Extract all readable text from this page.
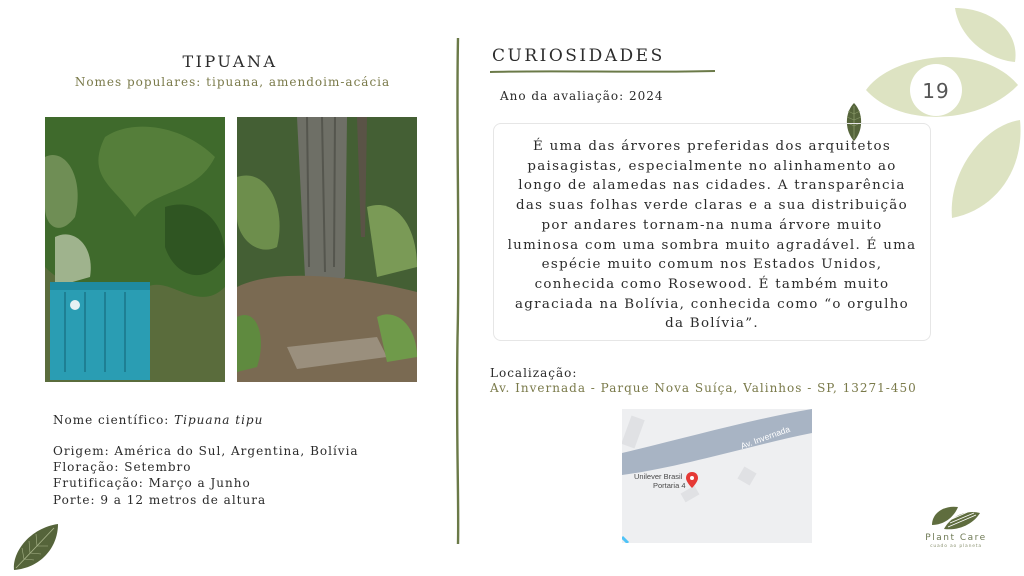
19
TIPUANA
Nomes populares: tipuana, amendoim-acácia
Nome científico: Tipuana tipu
Origem: América do Sul, Argentina, Bolívia
Floração: Setembro
Frutificação: Março a Junho
Porte: 9 a 12 metros de altura
CURIOSIDADES
Ano da avaliação: 2024
É uma das árvores preferidas dos arquitetos paisagistas, especialmente no alinhamento ao longo de alamedas nas cidades. A transparência das suas folhas verde claras e a sua distribuição por andares tornam-na numa árvore muito luminosa com uma sombra muito agradável. É uma espécie muito comum nos Estados Unidos, conhecida como Rosewood. É também muito agraciada na Bolívia, conhecida como “o orgulho da Bolívia”.
Localização:
Av. Invernada - Parque Nova Suíça, Valinhos - SP, 13271-450
Av. Invernada
Unilever Brasil
Portaria 4
Plant Care
cuado ao planeta
